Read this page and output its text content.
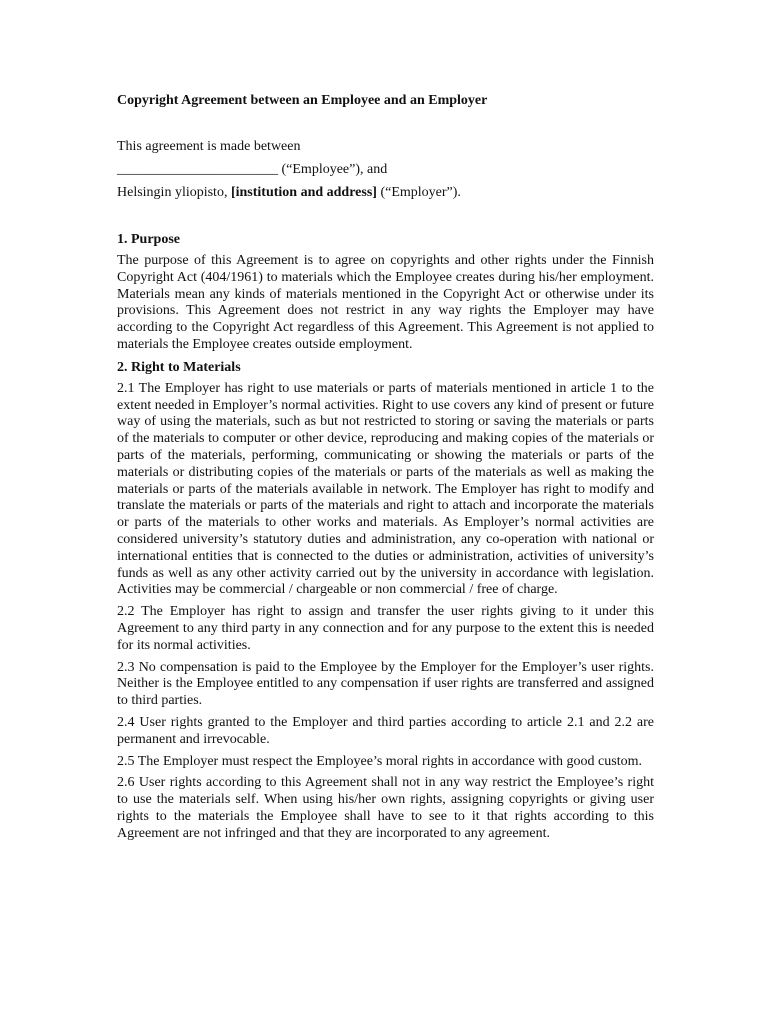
Copyright Agreement between an Employee and an Employer
This agreement is made between
_______________________ (“Employee”), and
Helsingin yliopisto, [institution and address] (“Employer”).
1. Purpose

The purpose of this Agreement is to agree on copyrights and other rights under the Finnish Copyright Act (404/1961) to materials which the Employee creates during his/her employment. Materials mean any kinds of materials mentioned in the Copyright Act or otherwise under its provisions. This Agreement does not restrict in any way rights the Employer may have according to the Copyright Act regardless of this Agreement. This Agreement is not applied to materials the Employee creates outside employment.

2. Right to Materials

2.1 The Employer has right to use materials or parts of materials mentioned in article 1 to the extent needed in Employer’s normal activities. Right to use covers any kind of present or future way of using the materials, such as but not restricted to storing or saving the materials or parts of the materials to computer or other device, reproducing and making copies of the materials or parts of the materials, performing, communicating or showing the materials or parts of the materials or distributing copies of the materials or parts of the materials as well as making the materials or parts of the materials available in network. The Employer has right to modify and translate the materials or parts of the materials and right to attach and incorporate the materials or parts of the materials to other works and materials. As Employer’s normal activities are considered university’s statutory duties and administration, any co-operation with national or international entities that is connected to the duties or administration, activities of university’s funds as well as any other activity carried out by the university in accordance with legislation. Activities may be commercial / chargeable or non commercial / free of charge.

2.2 The Employer has right to assign and transfer the user rights giving to it under this Agreement to any third party in any connection and for any purpose to the extent this is needed for its normal activities.

2.3 No compensation is paid to the Employee by the Employer for the Employer’s user rights. Neither is the Employee entitled to any compensation if user rights are transferred and assigned to third parties.

2.4 User rights granted to the Employer and third parties according to article 2.1 and 2.2 are permanent and irrevocable.

2.5 The Employer must respect the Employee’s moral rights in accordance with good custom.

2.6 User rights according to this Agreement shall not in any way restrict the Employee’s right to use the materials self. When using his/her own rights, assigning copyrights or giving user rights to the materials the Employee shall have to see to it that rights according to this Agreement are not infringed and that they are incorporated to any agreement.
